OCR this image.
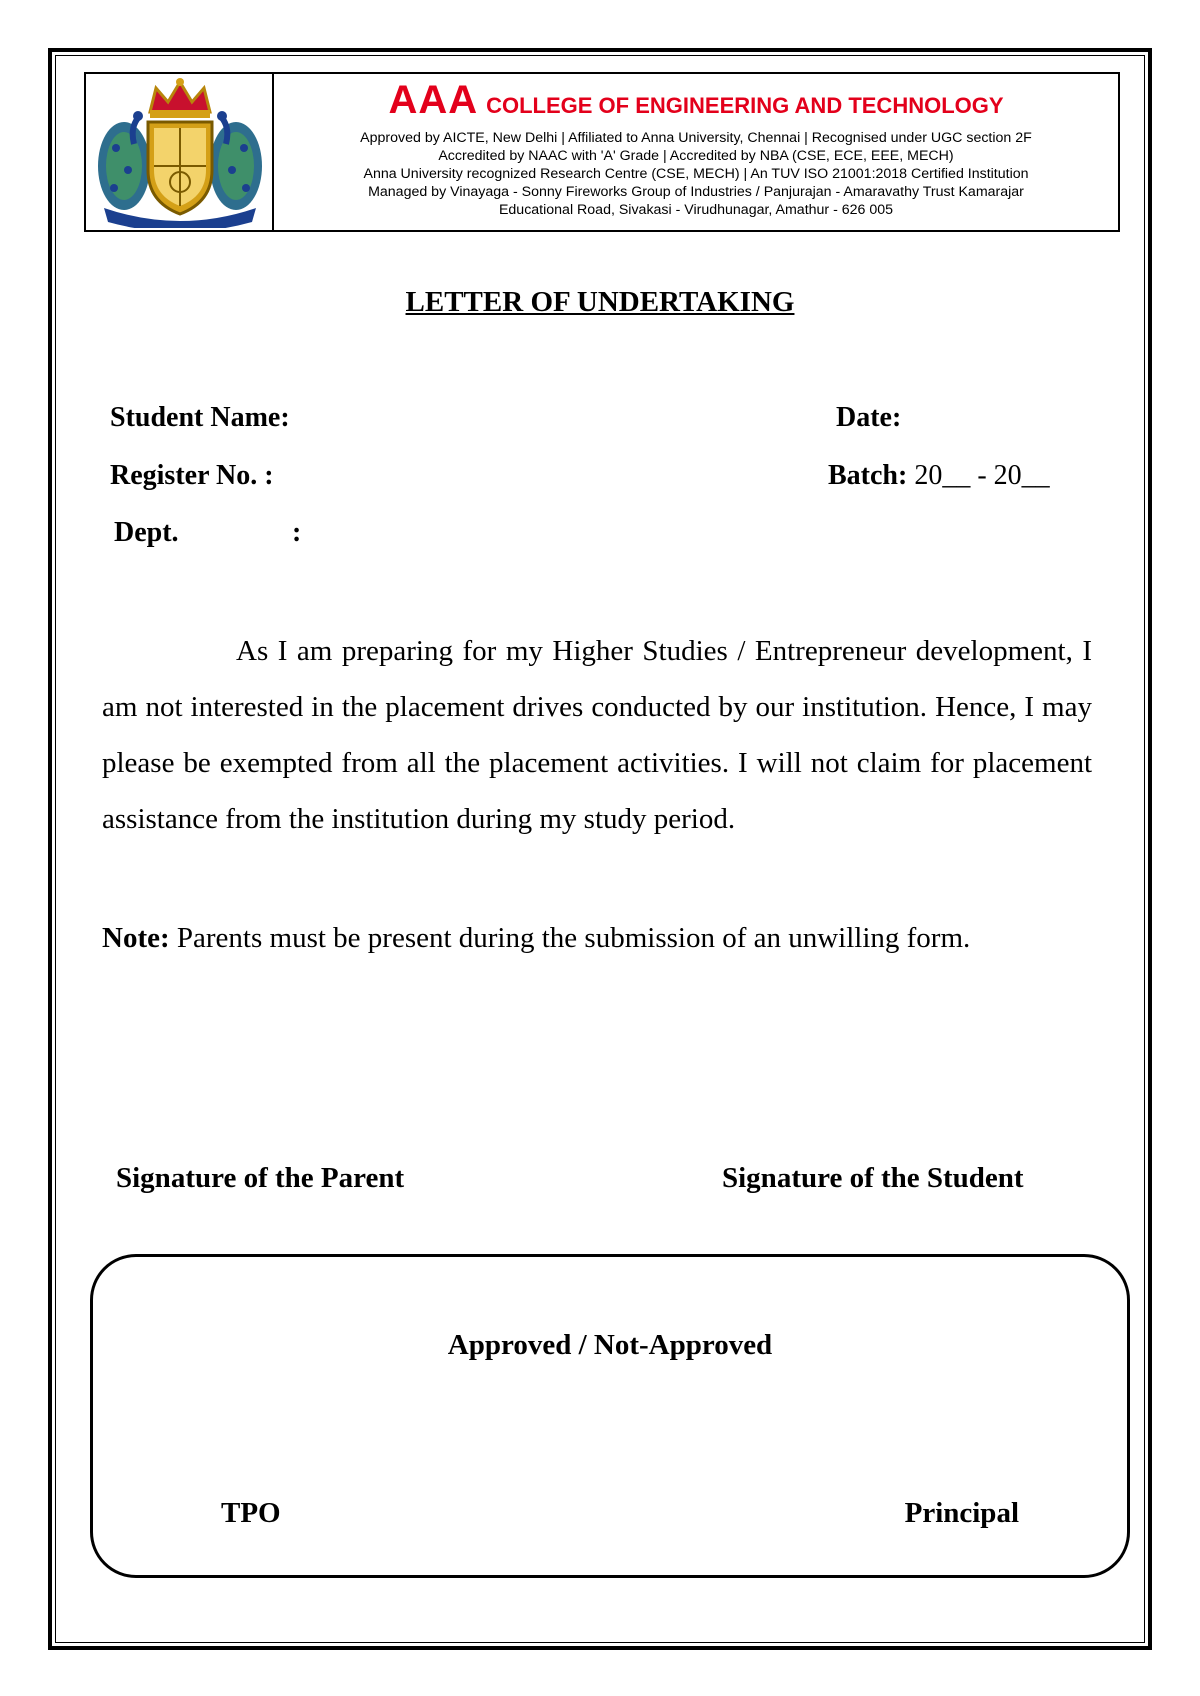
AAA COLLEGE OF ENGINEERING AND TECHNOLOGY
Approved by AICTE, New Delhi | Affiliated to Anna University, Chennai | Recognised under UGC section 2F
Accredited by NAAC with 'A' Grade | Accredited by NBA (CSE, ECE, EEE, MECH)
Anna University recognized Research Centre (CSE, MECH) | An TUV ISO 21001:2018 Certified Institution
Managed by Vinayaga - Sonny Fireworks Group of Industries / Panjurajan - Amaravathy Trust Kamarajar
Educational Road, Sivakasi - Virudhunagar, Amathur - 626 005
LETTER OF UNDERTAKING
Student Name:	Date:
Register No. :	Batch: 20__ - 20__
Dept.	:

As I am preparing for my Higher Studies / Entrepreneur development, I am not interested in the placement drives conducted by our institution. Hence, I may please be exempted from all the placement activities. I will not claim for placement assistance from the institution during my study period.

Note: Parents must be present during the submission of an unwilling form.
Signature of the Parent	Signature of the Student
Approved / Not-Approved
TPO	Principal
